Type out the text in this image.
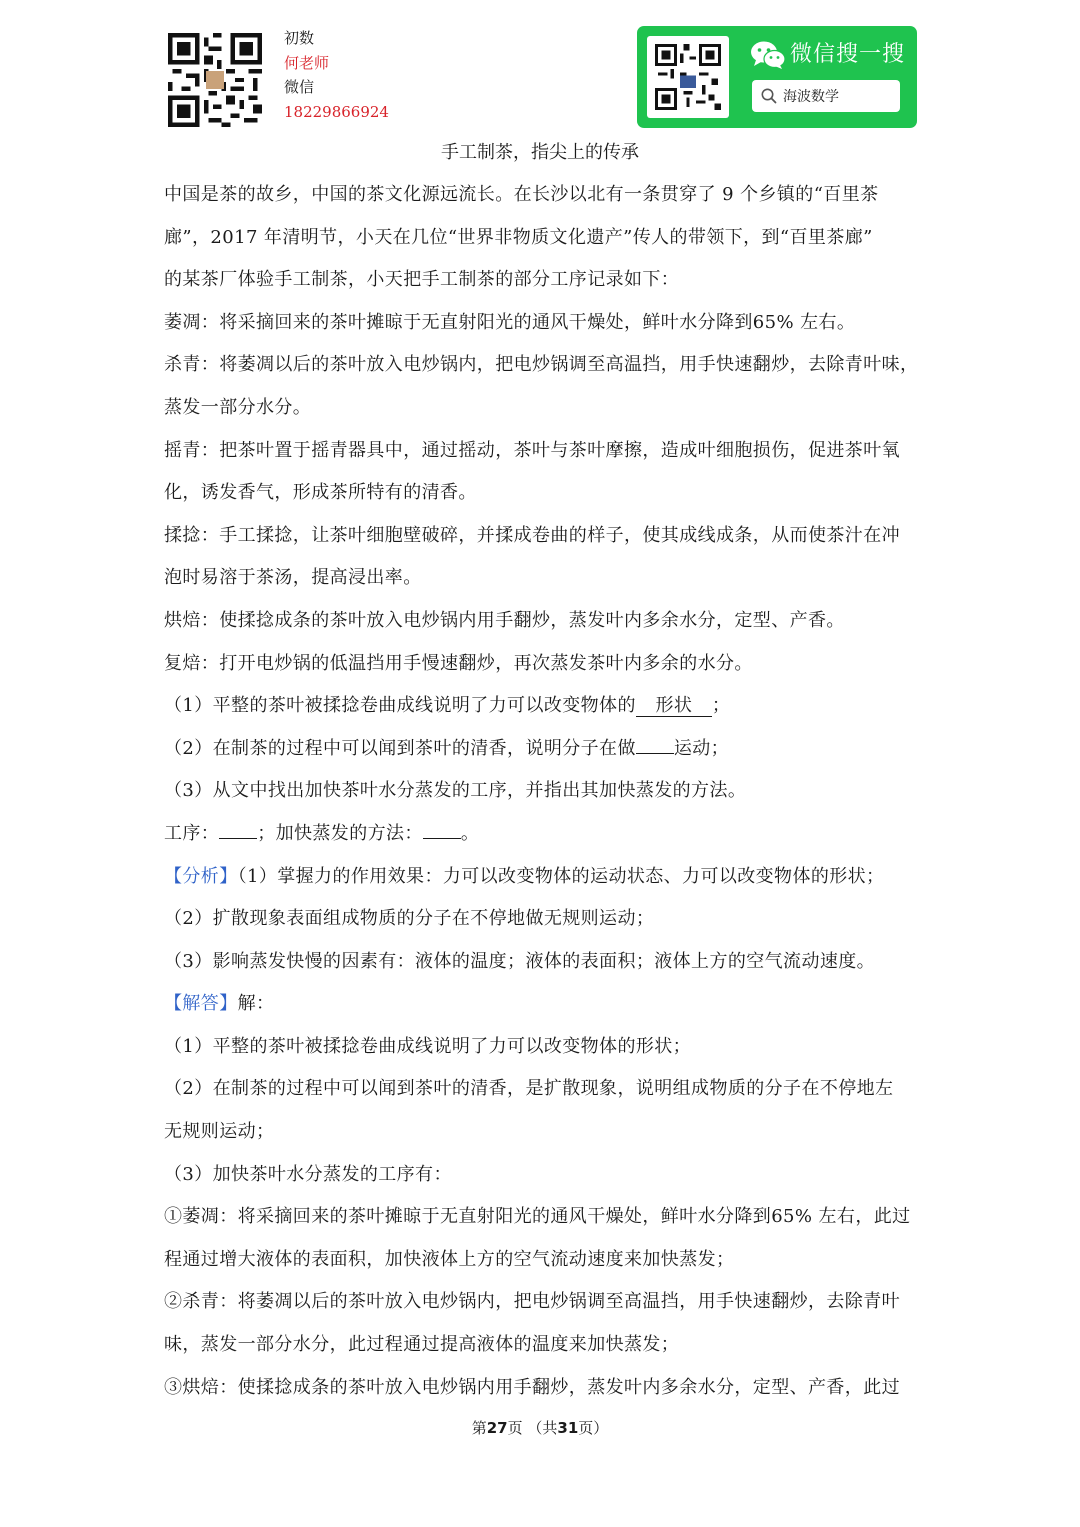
初数
何老师
微信
18229866924
微信搜一搜
海波数学
手工制茶，指尖上的传承

中国是茶的故乡，中国的茶文化源远流长。在长沙以北有一条贯穿了 9 个乡镇的“百里茶

廊”，2017 年清明节，小天在几位“世界非物质文化遗产”传人的带领下，到“百里茶廊”

的某茶厂体验手工制茶，小天把手工制茶的部分工序记录如下：

萎凋：将采摘回来的茶叶摊晾于无直射阳光的通风干燥处，鲜叶水分降到65% 左右。

杀青：将萎凋以后的茶叶放入电炒锅内，把电炒锅调至高温挡，用手快速翻炒，去除青叶味，

蒸发一部分水分。

摇青：把茶叶置于摇青器具中，通过摇动，茶叶与茶叶摩擦，造成叶细胞损伤，促进茶叶氧

化，诱发香气，形成茶所特有的清香。

揉捻：手工揉捻，让茶叶细胞壁破碎，并揉成卷曲的样子，使其成线成条，从而使茶汁在冲

泡时易溶于茶汤，提高浸出率。

烘焙：使揉捻成条的茶叶放入电炒锅内用手翻炒，蒸发叶内多余水分，定型、产香。

复焙：打开电炒锅的低温挡用手慢速翻炒，再次蒸发茶叶内多余的水分。

（1）平整的茶叶被揉捻卷曲成线说明了力可以改变物体的 形状 ；

（2）在制茶的过程中可以闻到茶叶的清香，说明分子在做 运动；

（3）从文中找出加快茶叶水分蒸发的工序，并指出其加快蒸发的方法。

工序： ；加快蒸发的方法： 。

【分析】（1）掌握力的作用效果：力可以改变物体的运动状态、力可以改变物体的形状；

（2）扩散现象表面组成物质的分子在不停地做无规则运动；

（3）影响蒸发快慢的因素有：液体的温度；液体的表面积；液体上方的空气流动速度。

【解答】解：

（1）平整的茶叶被揉捻卷曲成线说明了力可以改变物体的形状；

（2）在制茶的过程中可以闻到茶叶的清香，是扩散现象，说明组成物质的分子在不停地左

无规则运动；

（3）加快茶叶水分蒸发的工序有：

①萎凋：将采摘回来的茶叶摊晾于无直射阳光的通风干燥处，鲜叶水分降到65% 左右，此过

程通过增大液体的表面积，加快液体上方的空气流动速度来加快蒸发；

②杀青：将萎凋以后的茶叶放入电炒锅内，把电炒锅调至高温挡，用手快速翻炒，去除青叶

味，蒸发一部分水分，此过程通过提高液体的温度来加快蒸发；

③烘焙：使揉捻成条的茶叶放入电炒锅内用手翻炒，蒸发叶内多余水分，定型、产香，此过

第27页 （共31页）
